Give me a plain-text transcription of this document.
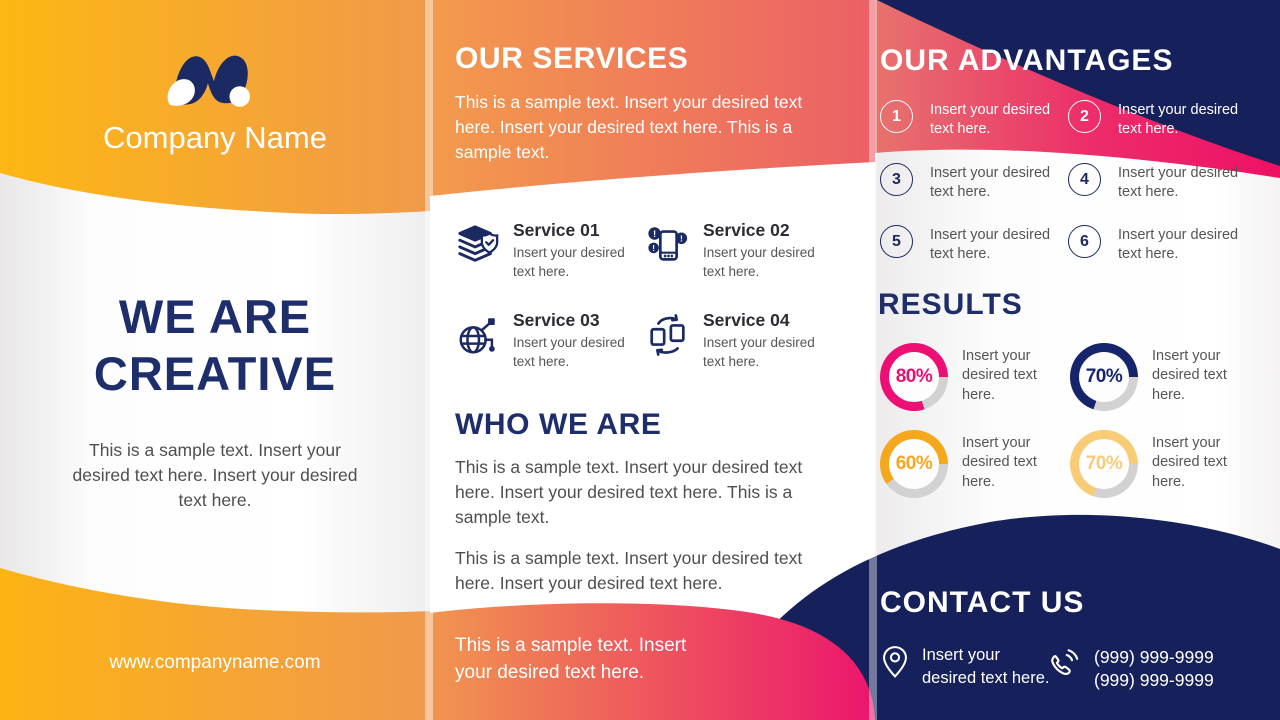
Company Name
WE ARE CREATIVE
This is a sample text. Insert your desired text here. Insert your desired text here.
www.companyname.com
OUR SERVICES
This is a sample text. Insert your desired text here. Insert your desired text here. This is a sample text.
Service 01
Insert your desired text here.
!	!
!
Service 02
Insert your desired text here.
Service 03
Insert your desired text here.
Service 04
Insert your desired text here.
WHO WE ARE
This is a sample text. Insert your desired text here. Insert your desired text here. This is a sample text.
This is a sample text. Insert your desired text here. Insert your desired text here.
This is a sample text. Insert your desired text here.
OUR ADVANTAGES
1	Insert your desired text here.
2	Insert your desired text here.
3	Insert your desired text here.
4	Insert your desired text here.
5	Insert your desired text here.
6	Insert your desired text here.
RESULTS
80%
Insert your desired text here.
70%
Insert your desired text here.
60%
Insert your desired text here.
70%
Insert your desired text here.
CONTACT US
Insert your desired text here.
(999) 999-9999
(999) 999-9999
